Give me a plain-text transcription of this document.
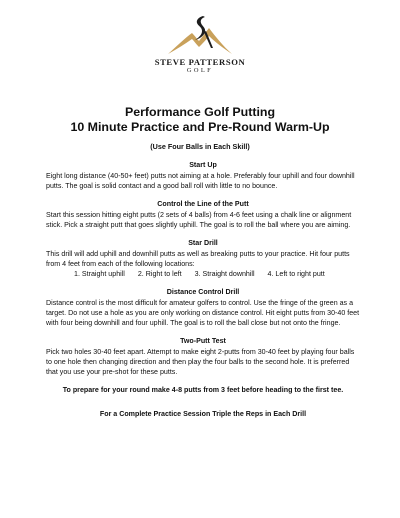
STEVE PATTERSON
GOLF
Performance Golf Putting
10 Minute Practice and Pre-Round Warm-Up
(Use Four Balls in Each Skill)
Start Up

Eight long distance (40-50+ feet) putts not aiming at a hole. Preferably four uphill and four downhill putts. The goal is solid contact and a good ball roll with little to no bounce.

Control the Line of the Putt

Start this session hitting eight putts (2 sets of 4 balls) from 4-6 feet using a chalk line or alignment stick. Pick a straight putt that goes slightly uphill. The goal is to roll the ball where you are aiming.

Star Drill

This drill will add uphill and downhill putts as well as breaking putts to your practice. Hit four putts from 4 feet from each of the following locations:

1. Straight uphill 2. Right to left 3. Straight downhill 4. Left to right putt
Distance Control Drill

Distance control is the most difficult for amateur golfers to control. Use the fringe of the green as a target. Do not use a hole as you are only working on distance control. Hit eight putts from 30-40 feet with four being downhill and four uphill. The goal is to roll the ball close but not onto the fringe.

Two-Putt Test

Pick two holes 30-40 feet apart. Attempt to make eight 2-putts from 30-40 feet by playing four balls to one hole then changing direction and then play the four balls to the second hole. It is preferred that you use your pre-shot for these putts.

To prepare for your round make 4-8 putts from 3 feet before heading to the first tee.
For a Complete Practice Session Triple the Reps in Each Drill
